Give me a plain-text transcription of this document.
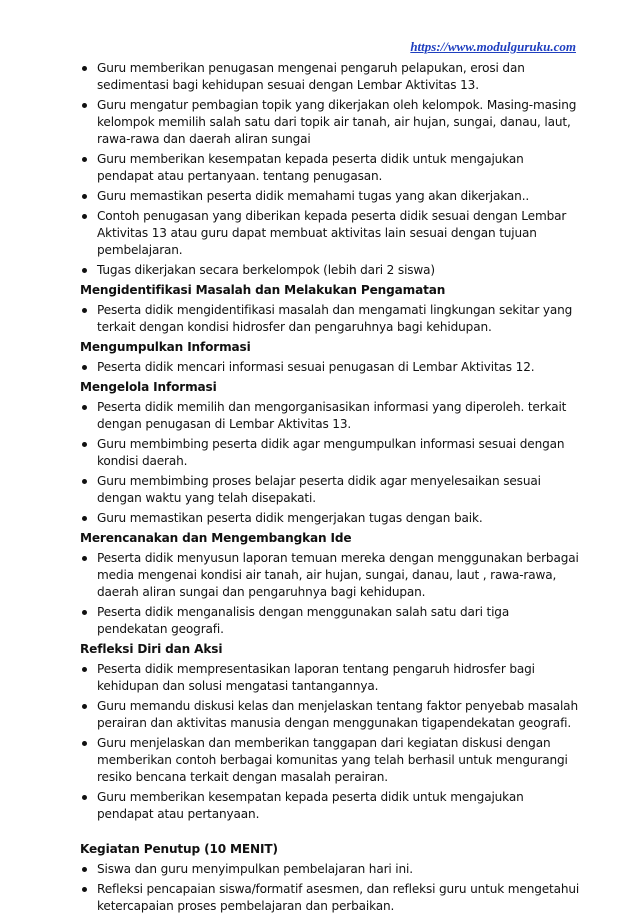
https://www.modulguruku.com
Guru memberikan penugasan mengenai pengaruh pelapukan, erosi dan sedimentasi bagi kehidupan sesuai dengan Lembar Aktivitas 13.
Guru mengatur pembagian topik yang dikerjakan oleh kelompok. Masing-masing kelompok memilih salah satu dari topik air tanah, air hujan, sungai, danau, laut, rawa-rawa dan daerah aliran sungai
Guru memberikan kesempatan kepada peserta didik untuk mengajukan pendapat atau pertanyaan. tentang penugasan.
Guru memastikan peserta didik memahami tugas yang akan dikerjakan..
Contoh penugasan yang diberikan kepada peserta didik sesuai dengan Lembar Aktivitas 13 atau guru dapat membuat aktivitas lain sesuai dengan tujuan pembelajaran.
Tugas dikerjakan secara berkelompok (lebih dari 2 siswa)
Mengidentifikasi Masalah dan Melakukan Pengamatan
Peserta didik mengidentifikasi masalah dan mengamati lingkungan sekitar yang terkait dengan kondisi hidrosfer dan pengaruhnya bagi kehidupan.
Mengumpulkan Informasi
Peserta didik mencari informasi sesuai penugasan di Lembar Aktivitas 12.
Mengelola Informasi
Peserta didik memilih dan mengorganisasikan informasi yang diperoleh. terkait dengan penugasan di Lembar Aktivitas 13.
Guru membimbing peserta didik agar mengumpulkan informasi sesuai dengan kondisi daerah.
Guru membimbing proses belajar peserta didik agar menyelesaikan sesuai dengan waktu yang telah disepakati.
Guru memastikan peserta didik mengerjakan tugas dengan baik.
Merencanakan dan Mengembangkan Ide
Peserta didik menyusun laporan temuan mereka dengan menggunakan berbagai media mengenai kondisi air tanah, air hujan, sungai, danau, laut , rawa-rawa, daerah aliran sungai dan pengaruhnya bagi kehidupan.
Peserta didik menganalisis dengan menggunakan salah satu dari tiga pendekatan geografi.
Refleksi Diri dan Aksi
Peserta didik mempresentasikan laporan tentang pengaruh hidrosfer bagi kehidupan dan solusi mengatasi tantangannya.
Guru memandu diskusi kelas dan menjelaskan tentang faktor penyebab masalah perairan dan aktivitas manusia dengan menggunakan tigapendekatan geografi.
Guru menjelaskan dan memberikan tanggapan dari kegiatan diskusi dengan memberikan contoh berbagai komunitas yang telah berhasil untuk mengurangi resiko bencana terkait dengan masalah perairan.
Guru memberikan kesempatan kepada peserta didik untuk mengajukan pendapat atau pertanyaan.
Kegiatan Penutup (10 MENIT)
Siswa dan guru menyimpulkan pembelajaran hari ini.
Refleksi pencapaian siswa/formatif asesmen, dan refleksi guru untuk mengetahui ketercapaian proses pembelajaran dan perbaikan.
